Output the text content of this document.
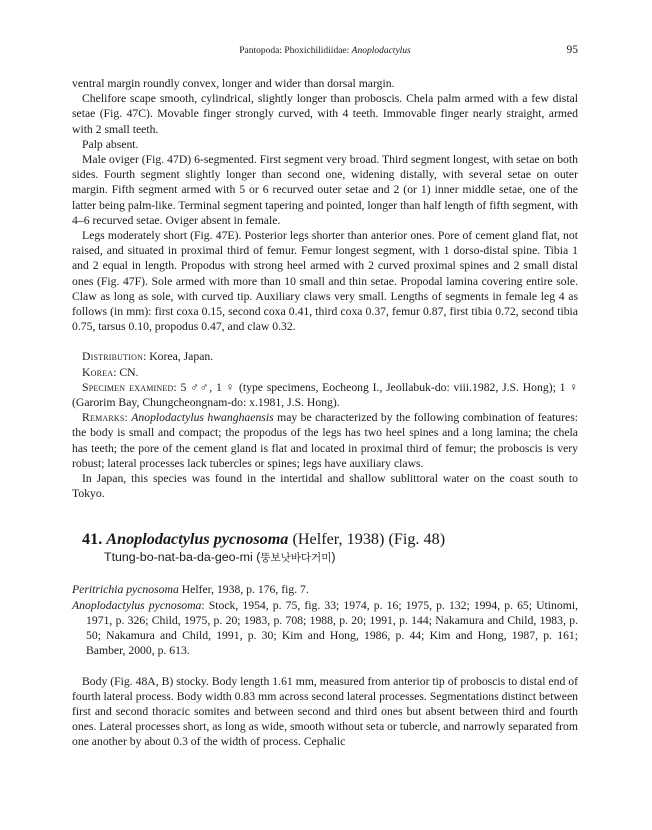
Pantopoda: Phoxichilidiidae: Anoplodactylus	95

ventral margin roundly convex, longer and wider than dorsal margin.

Chelifore scape smooth, cylindrical, slightly longer than proboscis. Chela palm armed with a few distal setae (Fig. 47C). Movable finger strongly curved, with 4 teeth. Immovable finger nearly straight, armed with 2 small teeth.

Palp absent.

Male oviger (Fig. 47D) 6-segmented. First segment very broad. Third segment longest, with setae on both sides. Fourth segment slightly longer than second one, widening distally, with several setae on outer margin. Fifth segment armed with 5 or 6 recurved outer setae and 2 (or 1) inner middle setae, one of the latter being palm-like. Terminal segment tapering and pointed, longer than half length of fifth segment, with 4–6 recurved setae. Oviger absent in female.

Legs moderately short (Fig. 47E). Posterior legs shorter than anterior ones. Pore of cement gland flat, not raised, and situated in proximal third of femur. Femur longest segment, with 1 dorso-distal spine. Tibia 1 and 2 equal in length. Propodus with strong heel armed with 2 curved proximal spines and 2 small distal ones (Fig. 47F). Sole armed with more than 10 small and thin setae. Propodal lamina covering entire sole. Claw as long as sole, with curved tip. Auxiliary claws very small. Lengths of segments in female leg 4 as follows (in mm): first coxa 0.15, second coxa 0.41, third coxa 0.37, femur 0.87, first tibia 0.72, second tibia 0.75, tarsus 0.10, propodus 0.47, and claw 0.32.

Distribution: Korea, Japan.

Korea: CN.

Specimen examined: 5 ♂♂, 1 ♀ (type specimens, Eocheong I., Jeollabuk-do: viii.1982, J.S. Hong); 1 ♀ (Garorim Bay, Chungcheongnam-do: x.1981, J.S. Hong).

Remarks: Anoplodactylus hwanghaensis may be characterized by the following combination of features: the body is small and compact; the propodus of the legs has two heel spines and a long lamina; the chela has teeth; the pore of the cement gland is flat and located in proximal third of femur; the proboscis is very robust; lateral processes lack tubercles or spines; legs have auxiliary claws.

In Japan, this species was found in the intertidal and shallow sublittoral water on the coast south to Tokyo.

41. Anoplodactylus pycnosoma (Helfer, 1938) (Fig. 48)
Ttung-bo-nat-ba-da-geo-mi (뚱보낫바다거미)

Peritrichia pycnosoma Helfer, 1938, p. 176, fig. 7.

Anoplodactylus pycnosoma: Stock, 1954, p. 75, fig. 33; 1974, p. 16; 1975, p. 132; 1994, p. 65; Utinomi, 1971, p. 326; Child, 1975, p. 20; 1983, p. 708; 1988, p. 20; 1991, p. 144; Nakamura and Child, 1983, p. 50; Nakamura and Child, 1991, p. 30; Kim and Hong, 1986, p. 44; Kim and Hong, 1987, p. 161; Bamber, 2000, p. 613.

Body (Fig. 48A, B) stocky. Body length 1.61 mm, measured from anterior tip of proboscis to distal end of fourth lateral process. Body width 0.83 mm across second lateral processes. Segmentations distinct between first and second thoracic somites and between second and third ones but absent between third and fourth ones. Lateral processes short, as long as wide, smooth without seta or tubercle, and narrowly separated from one another by about 0.3 of the width of process. Cephalic
